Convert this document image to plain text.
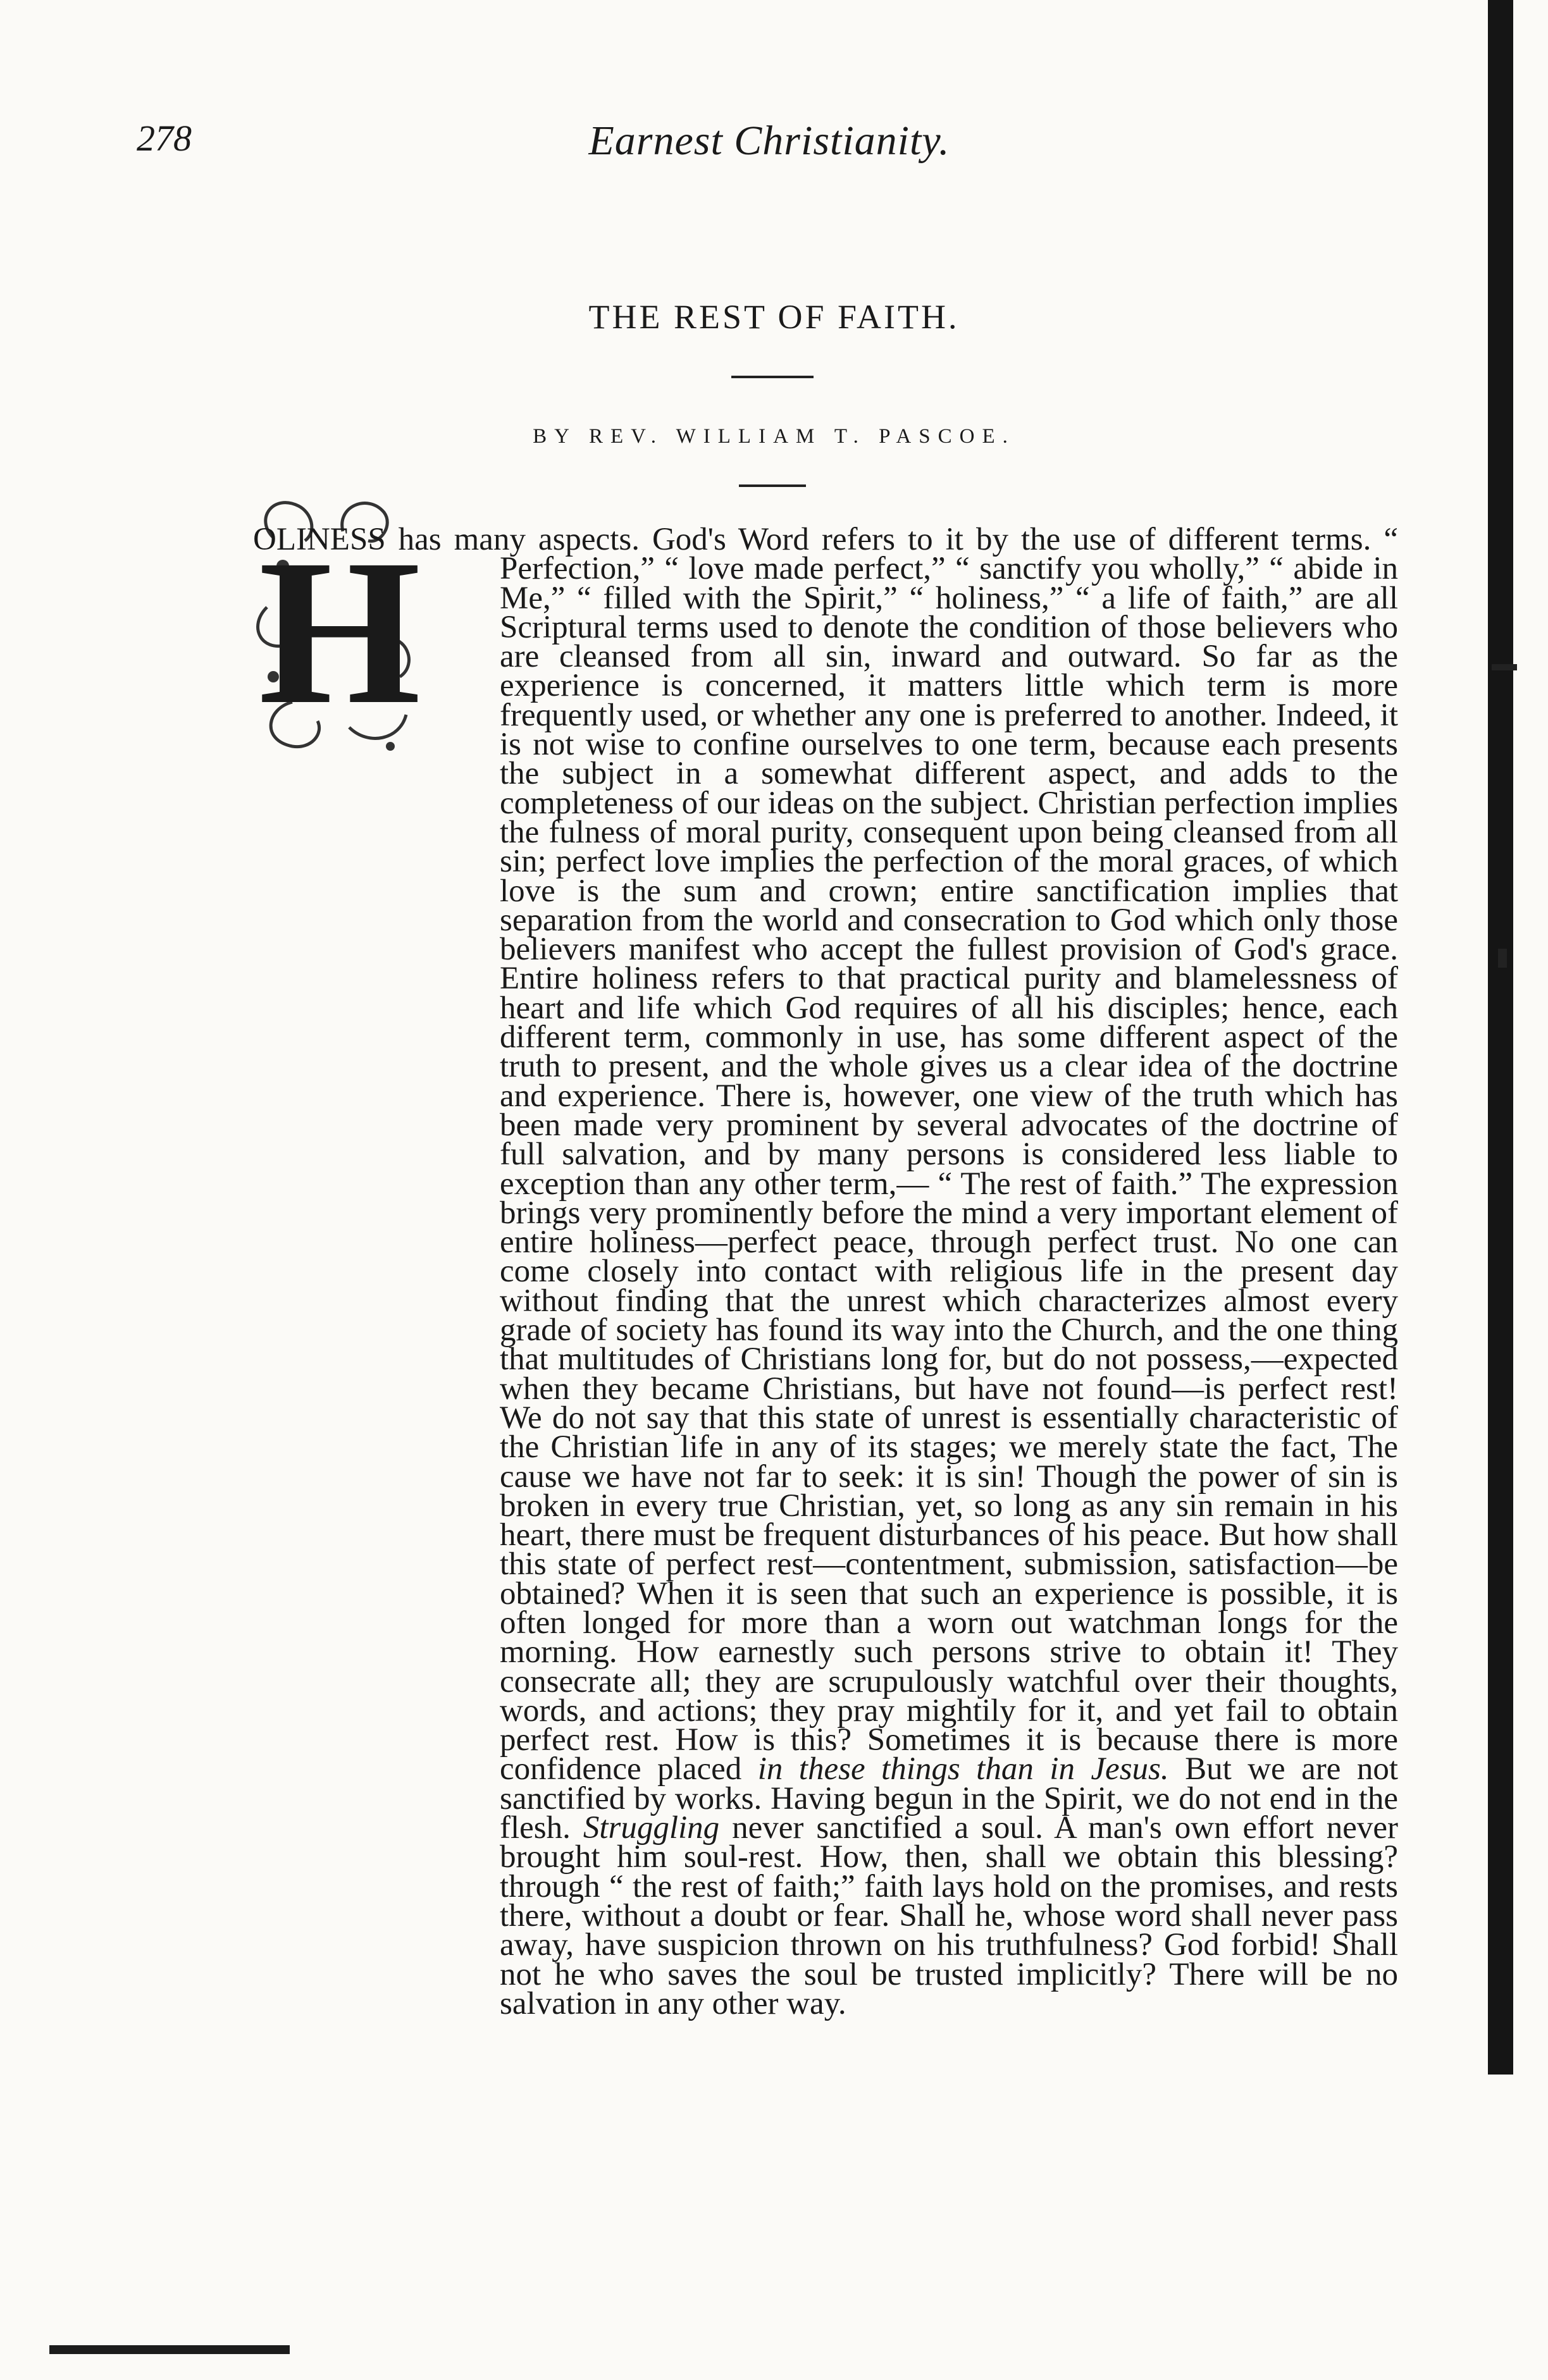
278	Earnest Christianity.
THE REST OF FAITH.
BY REV. WILLIAM T. PASCOE.
H

OLINESS has many aspects. God's Word refers to it by the use of different terms. “ Perfection,” “ love made perfect,” “ sanctify you wholly,” “ abide in Me,” “ filled with the Spirit,” “ holiness,” “ a life of faith,” are all Scriptural terms used to denote the condition of those believers who are cleansed from all sin, inward and outward. So far as the experience is concerned, it matters little which term is more frequently used, or whether any one is preferred to another. Indeed, it is not wise to confine ourselves to one term, because each presents the subject in a somewhat different aspect, and adds to the completeness of our ideas on the subject. Christian perfection implies the fulness of moral purity, consequent upon being cleansed from all sin; perfect love implies the perfection of the moral graces, of which love is the sum and crown; entire sanctification implies that separation from the world and consecration to God which only those believers manifest who accept the fullest provision of God's grace. Entire holiness refers to that practical purity and blamelessness of heart and life which God requires of all his disciples; hence, each different term, commonly in use, has some different aspect of the truth to present, and the whole gives us a clear idea of the doctrine and experience. There is, however, one view of the truth which has been made very prominent by several advocates of the doctrine of full salvation, and by many persons is considered less liable to exception than any other term,— “ The rest of faith.” The expression brings very prominently before the mind a very important element of entire holiness—perfect peace, through perfect trust. No one can come closely into contact with religious life in the present day without finding that the unrest which characterizes almost every grade of society has found its way into the Church, and the one thing that multitudes of Christians long for, but do not possess,—expected when they became Christians, but have not found—is perfect rest! We do not say that this state of unrest is essentially characteristic of the Christian life in any of its stages; we merely state the fact, The cause we have not far to seek: it is sin! Though the power of sin is broken in every true Christian, yet, so long as any sin remain in his heart, there must be frequent disturbances of his peace. But how shall this state of perfect rest—contentment, submission, satisfaction—be obtained? When it is seen that such an experience is possible, it is often longed for more than a worn out watchman longs for the morning. How earnestly such persons strive to obtain it! They consecrate all; they are scrupulously watchful over their thoughts, words, and actions; they pray mightily for it, and yet fail to obtain perfect rest. How is this? Sometimes it is because there is more confidence placed in these things than in Jesus. But we are not sanctified by works. Having begun in the Spirit, we do not end in the flesh. Struggling never sanctified a soul. A man's own effort never brought him soul-rest. How, then, shall we obtain this blessing? through “ the rest of faith;” faith lays hold on the promises, and rests there, without a doubt or fear. Shall he, whose word shall never pass away, have suspicion thrown on his truthfulness? God forbid! Shall not he who saves the soul be trusted implicitly? There will be no salvation in any other way.
